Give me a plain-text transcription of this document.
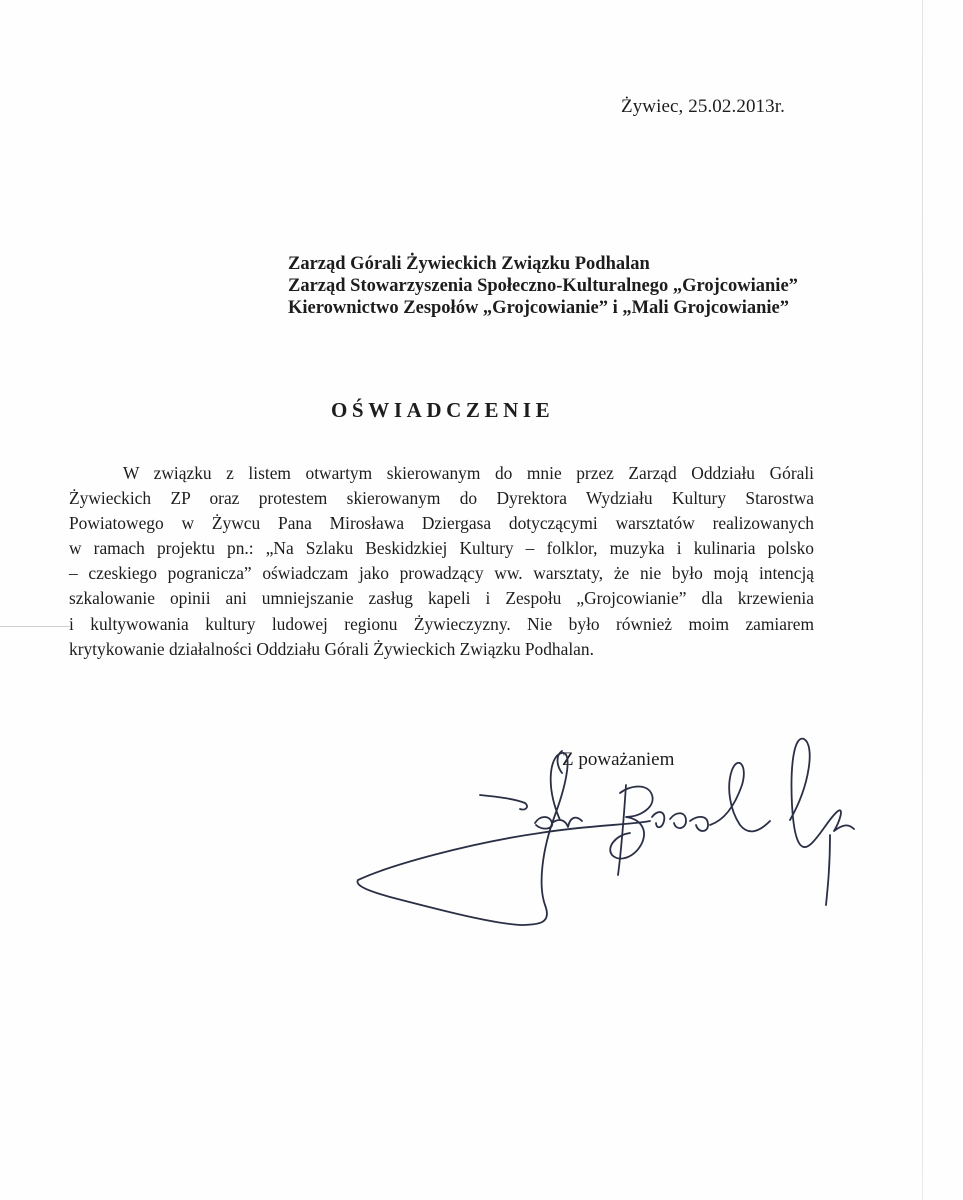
Żywiec, 25.02.2013r.
Zarząd Górali Żywieckich Związku Podhalan
Zarząd Stowarzyszenia Społeczno-Kulturalnego „Grojcowianie”
Kierownictwo Zespołów „Grojcowianie” i „Mali Grojcowianie”
OŚWIADCZENIE
W związku z listem otwartym skierowanym do mnie przez Zarząd Oddziału Górali
Żywieckich ZP oraz protestem skierowanym do Dyrektora Wydziału Kultury Starostwa
Powiatowego w Żywcu Pana Mirosława Dziergasa dotyczącymi warsztatów realizowanych
w ramach projektu pn.: „Na Szlaku Beskidzkiej Kultury – folklor, muzyka i kulinaria polsko
– czeskiego pogranicza” oświadczam jako prowadzący ww. warsztaty, że nie było moją intencją
szkalowanie opinii ani umniejszanie zasług kapeli i Zespołu „Grojcowianie” dla krzewienia
i kultywowania kultury ludowej regionu Żywieczyzny. Nie było również moim zamiarem
krytykowanie działalności Oddziału Górali Żywieckich Związku Podhalan.
Z poważaniem
